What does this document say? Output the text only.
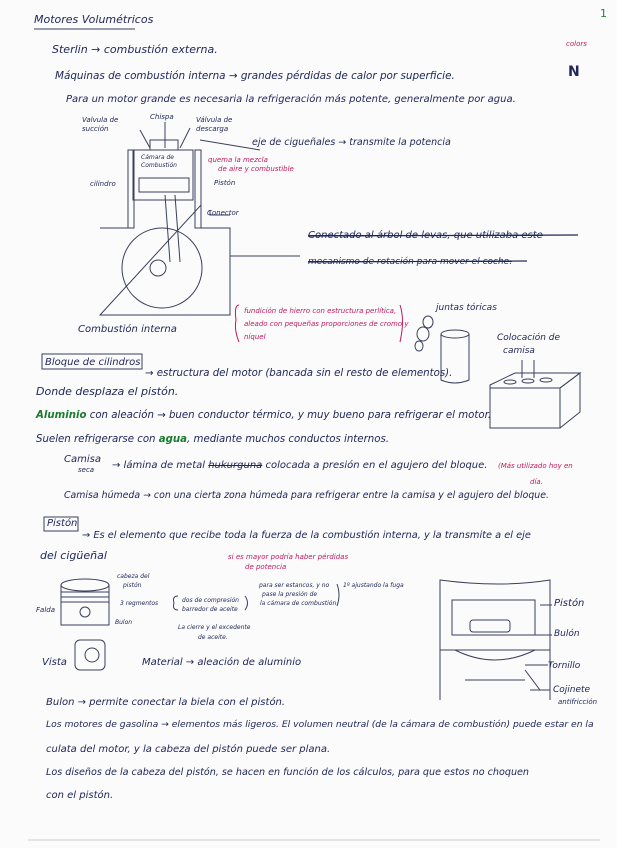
1
colors
N
Motores Volumétricos
Sterlin → combustión externa.
Máquinas de combustión interna → grandes pérdidas de calor por superficie.
Para un motor grande es necesaria la refrigeración más potente, generalmente por agua.
Valvula de
succión
Chispa	Válvula de
descarga
eje de cigueñales → transmite la potencia
Cámara de
Combustión
quema la mezcla
de aire y combustible
Pistón
cilindro
Conector
Conectado al árbol de levas, que utilizaba este
mecanismo de rotación para mover el coche.
Combustión interna
fundición de hierro con estructura perlítica,
aleado con pequeñas proporciones de cromo y
níquel
juntas tóricas
Colocación de
camisa
Bloque de cilindros
→ estructura del motor (bancada sin el resto de elementos).
Donde desplaza el pistón.
Aluminio con aleación → buen conductor térmico, y muy bueno para refrigerar el motor.
Suelen refrigerarse con agua, mediante muchos conductos internos.
Camisa
seca → lámina de metal hukurguna colocada a presión en el agujero del bloque. (Más utilizado hoy en
día.
Camisa húmeda → con una cierta zona húmeda para refrigerar entre la camisa y el agujero del bloque.
Pistón
→ Es el elemento que recibe toda la fuerza de la combustión interna, y la transmite a el eje
del cigüeñal	si es mayor podría haber pérdidas
de potencia
cabeza del
pistón
3 regmentos	dos de compresión
barredor de aceite
Bulon
para ser estancos, y no
pase la presión de
la cámara de combustión
1º ajustando la fuga
La cierre y el excedente
de aceite.
Falda
Vista	Material → aleación de aluminio
Pistón
Bulón
Tornillo
Cojinete
antifricción
Bulon → permite conectar la biela con el pistón.
Los motores de gasolina → elementos más ligeros. El volumen neutral (de la cámara de combustión) puede estar en la
culata del motor, y la cabeza del pistón puede ser plana.
Los diseños de la cabeza del pistón, se hacen en función de los cálculos, para que estos no choquen
con el pistón.
